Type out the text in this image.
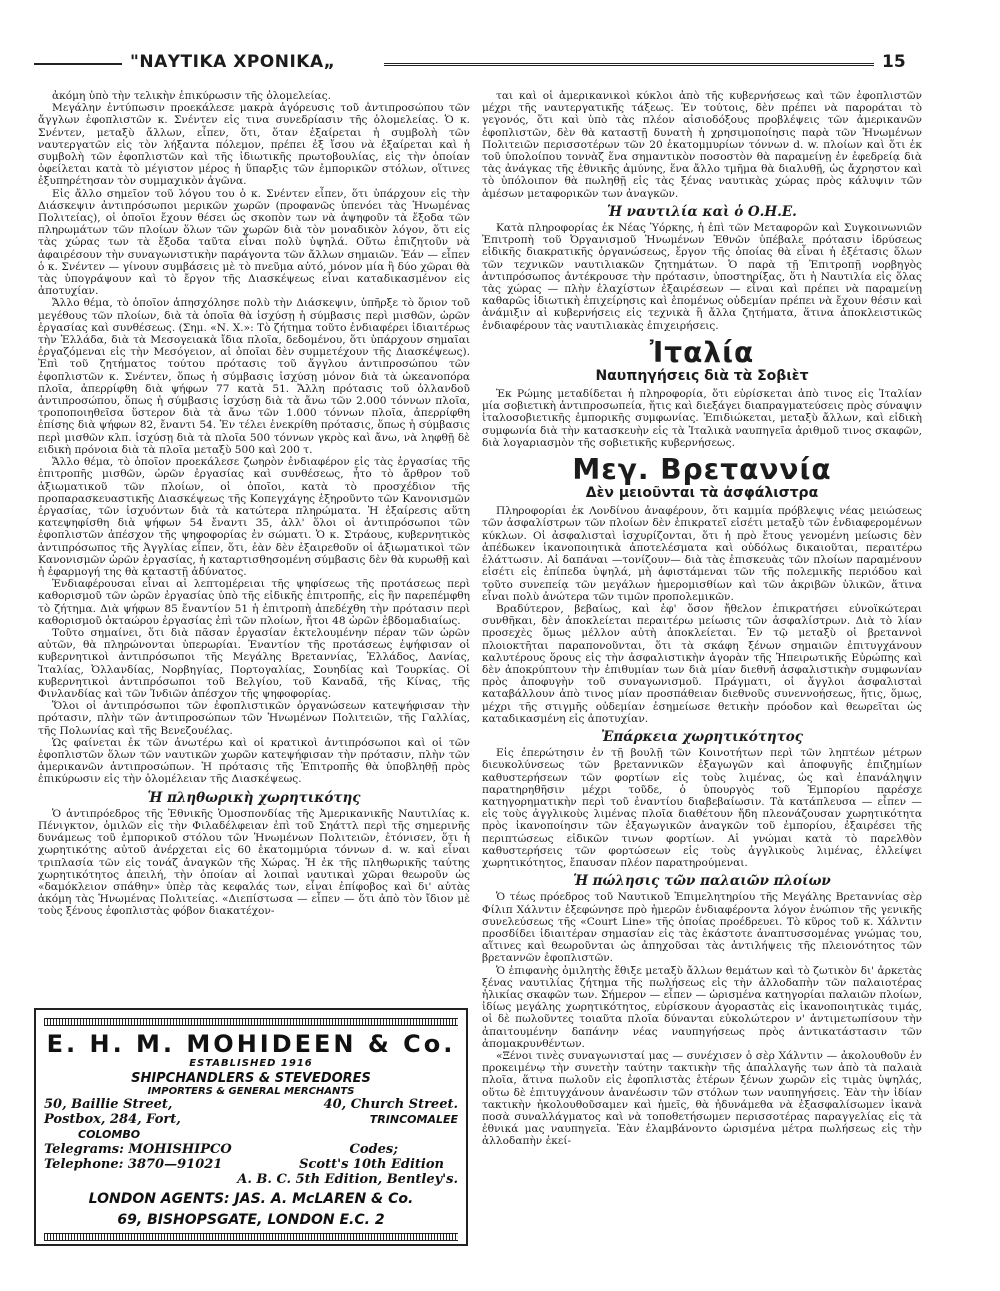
"ΝΑΥΤΙΚΑ ΧΡΟΝΙΚΑ„	15

ἀκόμη ὑπὸ τὴν τελικὴν ἐπικύρωσιν τῆς ὁλομελείας.

Μεγάλην ἐντύπωσιν προεκάλεσε μακρὰ ἀγόρευσις τοῦ ἀντιπροσώπου τῶν ἄγγλων ἐφοπλιστῶν κ. Σνέντεν εἰς τινα συνεδρίασιν τῆς ὁλομελείας. Ὁ κ. Σνέντεν, μεταξὺ ἄλλων, εἶπεν, ὅτι, ὅταν ἐξαίρεται ἡ συμβολὴ τῶν ναυτεργατῶν εἰς τὸν λήξαντα πόλεμον, πρέπει ἐξ ἴσου νὰ ἐξαίρεται καὶ ἡ συμβολὴ τῶν ἐφοπλιστῶν καὶ τῆς ἰδιωτικῆς πρωτοβουλίας, εἰς τὴν ὁποίαν ὀφείλεται κατὰ τὸ μέγιστον μέρος ἡ ὕπαρξις τῶν ἐμπορικῶν στόλων, οἵτινες ἐξυπηρέτησαν τὸν συμμαχικὸν ἀγῶνα.

Εἰς ἄλλο σημεῖον τοῦ λόγου του ὁ κ. Σνέντεν εἶπεν, ὅτι ὑπάρχουν εἰς τὴν Διάσκεψιν ἀντιπρόσωποι μερικῶν χωρῶν (προφανῶς ὑπενόει τὰς Ἡνωμένας Πολιτείας), οἱ ὁποῖοι ἔχουν θέσει ὡς σκοπὸν των νὰ ἀψηφοῦν τὰ ἔξοδα τῶν πληρωμάτων τῶν πλοίων ὅλων τῶν χωρῶν διὰ τὸν μοναδικὸν λόγον, ὅτι εἰς τὰς χώρας των τὰ ἔξοδα ταῦτα εἶναι πολὺ ὑψηλά. Οὕτω ἐπιζητοῦν νὰ ἀφαιρέσουν τὴν συναγωνιστικὴν παράγοντα τῶν ἄλλων σημαιῶν. Ἐάν — εἶπεν ὁ κ. Σνέντεν — γίνουν συμβάσεις μὲ τὸ πνεῦμα αὐτό, μόνον μία ἢ δύο χῶραι θὰ τὰς ὑπογράψουν καὶ τὸ ἔργον τῆς Διασκέψεως εἶναι καταδικασμένον εἰς ἀποτυχίαν.

Ἄλλο θέμα, τὸ ὁποῖον ἀπησχόλησε πολὺ τὴν Διάσκεψιν, ὑπῆρξε τὸ ὅριον τοῦ μεγέθους τῶν πλοίων, διὰ τὰ ὁποῖα θὰ ἰσχύσῃ ἡ σύμβασις περὶ μισθῶν, ὡρῶν ἐργασίας καὶ συνθέσεως. (Σημ. «Ν. Χ.»: Τὸ ζήτημα τοῦτο ἐνδιαφέρει ἰδιαιτέρως τὴν Ἑλλάδα, διὰ τὰ Μεσογειακὰ ἴδια πλοῖα, δεδομένου, ὅτι ὑπάρχουν σημαῖαι ἐργαζόμεναι εἰς τὴν Μεσόγειον, αἱ ὁποῖαι δὲν συμμετέχουν τῆς Διασκέψεως). Ἐπὶ τοῦ ζητήματος τούτου πρότασις τοῦ ἄγγλου ἀντιπροσώπου τῶν ἐφοπλιστῶν κ. Σνέντεν, ὅπως ἡ σύμβασις ἰσχύσῃ μόνον διὰ τὰ ὠκεανοπόρα πλοῖα, ἀπερρίφθη διὰ ψήφων 77 κατὰ 51. Ἄλλη πρότασις τοῦ ὀλλανδοῦ ἀντιπροσώπου, ὅπως ἡ σύμβασις ἰσχύσῃ διὰ τὰ ἄνω τῶν 2.000 τόννων πλοῖα, τροποποιηθεῖσα ὕστερον διὰ τὰ ἄνω τῶν 1.000 τόννων πλοῖα, ἀπερρίφθη ἐπίσης διὰ ψήφων 82, ἔναντι 54. Ἐν τέλει ἐνεκρίθη πρότασις, ὅπως ἡ σύμβασις περὶ μισθῶν κλπ. ἰσχύσῃ διὰ τὰ πλοῖα 500 τόννων γκρὸς καὶ ἄνω, νὰ ληφθῇ δὲ ειδικὴ πρόνοια διὰ τὰ πλοῖα μεταξὺ 500 καὶ 200 τ.

Ἄλλο θέμα, τὸ ὁποῖον προεκάλεσε ζωηρὸν ἐνδιαφέρον εἰς τὰς ἐργασίας τῆς ἐπιτροπῆς μισθῶν, ὡρῶν ἐργασίας καὶ συνθέσεως, ἦτο τὸ ἄρθρον τοῦ ἀξιωματικοῦ τῶν πλοίων, οἱ ὁποῖοι, κατὰ τὸ προσχέδιον τῆς προπαρασκευαστικῆς Διασκέψεως τῆς Κοπεγχάγης ἐξηροῦντο τῶν Κανονισμῶν ἐργασίας, τῶν ἰσχυόντων διὰ τὰ κατώτερα πληρώματα. Ἡ ἐξαίρεσις αὕτη κατεψηφίσθη διὰ ψήφων 54 ἔναντι 35, ἀλλ' ὅλοι οἱ ἀντιπρόσωποι τῶν ἐφοπλιστῶν ἀπέσχον τῆς ψηφοφορίας ἐν σώματι. Ὁ κ. Στράους, κυβερνητικὸς ἀντιπρόσωπος τῆς Ἀγγλίας εἶπεν, ὅτι, ἐὰν δὲν ἐξαιρεθοῦν οἱ ἀξιωματικοὶ τῶν Κανονισμῶν ὡρῶν ἐργασίας, ἡ καταρτισθησομένη σύμβασις δὲν θὰ κυρωθῇ καὶ ἡ ἐφαρμογή της θὰ καταστῇ ἀδύνατος.

Ἐνδιαφέρουσαι εἶναι αἱ λεπτομέρειαι τῆς ψηφίσεως τῆς προτάσεως περὶ καθορισμοῦ τῶν ὡρῶν ἐργασίας ὑπὸ τῆς εἰδικῆς ἐπιτροπῆς, εἰς ἣν παρεπέμφθη τὸ ζήτημα. Διὰ ψήφων 85 ἔναντίον 51 ἡ ἐπιτροπὴ ἀπεδέχθη τὴν πρότασιν περὶ καθορισμοῦ ὀκταώρου ἐργασίας ἐπὶ τῶν πλοίων, ἤτοι 48 ὡρῶν ἑβδομαδιαίως.

Τοῦτο σημαίνει, ὅτι διὰ πᾶσαν ἐργασίαν ἐκτελουμένην πέραν τῶν ὡρῶν αὐτῶν, θὰ πληρώνονται ὑπερωρίαι. Ἐναντίον τῆς προτάσεως ἐψήφισαν οἱ κυβερνητικοὶ ἀντιπρόσωποι τῆς Μεγάλης Βρεταννίας, Ἑλλάδος, Δανίας, Ἰταλίας, Ὀλλανδίας, Νορβηγίας, Πορτογαλίας, Σουηδίας καὶ Τουρκίας. Οἱ κυβερνητικοὶ ἀντιπρόσωποι τοῦ Βελγίου, τοῦ Καναδᾶ, τῆς Κίνας, τῆς Φινλανδίας καὶ τῶν Ἰνδιῶν ἀπέσχον τῆς ψηφοφορίας.

Ὅλοι οἱ ἀντιπρόσωποι τῶν ἐφοπλιστικῶν ὀργανώσεων κατεψήφισαν τὴν πρότασιν, πλὴν τῶν ἀντιπροσώπων τῶν Ἡνωμένων Πολιτειῶν, τῆς Γαλλίας, τῆς Πολωνίας καὶ τῆς Βενεζουέλας.

Ὡς φαίνεται ἐκ τῶν ἀνωτέρω καὶ οἱ κρατικοὶ ἀντιπρόσωποι καὶ οἱ τῶν ἐφοπλιστῶν ὅλων τῶν ναυτικῶν χωρῶν κατεψήφισαν τὴν πρότασιν, πλὴν τῶν ἀμερικανῶν ἀντιπροσώπων. Ἡ πρότασις τῆς Ἐπιτροπῆς θὰ ὑποβληθῇ πρὸς ἐπικύρωσιν εἰς τὴν ὁλομέλειαν τῆς Διασκέψεως.

Ἡ πληθωρικὴ χωρητικότης

Ὁ ἀντιπρόεδρος τῆς Ἐθνικῆς Ὁμοσπονδίας τῆς Ἀμερικανικῆς Ναυτιλίας κ. Πένιγκτον, ὁμιλῶν εἰς τὴν Φιλαδέλφειαν ἐπὶ τοῦ Σηάττλ περὶ τῆς σημερινῆς δυνάμεως τοῦ ἐμπορικοῦ στόλου τῶν Ἡνωμένων Πολιτειῶν, ἐτόνισεν, ὅτι ἡ χωρητικότης αὐτοῦ ἀνέρχεται εἰς 60 ἑκατομμύρια τόννων d. w. καὶ εἶναι τριπλασία τῶν εἰς τονάζ ἀναγκῶν τῆς Χώρας. Ἡ ἐκ τῆς πληθωρικῆς ταύτης χωρητικότητος ἀπειλή, τὴν ὁποίαν αἱ λοιπαὶ ναυτικαὶ χῶραι θεωροῦν ὡς «δαμόκλειον σπάθην» ὑπὲρ τὰς κεφαλάς των, εἶναι ἐπίφοβος καὶ δι' αὐτὰς ἀκόμη τὰς Ἡνωμένας Πολιτείας. «Διεπίστωσα — εἶπεν — ὅτι ἀπὸ τὸν ἴδιον μὲ τοὺς ξένους ἐφοπλιστὰς φόβον διακατέχον-

E. H. M. MOHIDEEN & Co.
ESTABLISHED 1916
SHIPCHANDLERS & STEVEDORES
IMPORTERS & GENERAL MERCHANTS
50, Baillie Street,	40, Church Street.
Postbox, 284, Fort,	TRINCOMALEE
COLOMBO
Telegrams: MOHISHIPCO	Codes;
Telephone: 3870—91021	Scott's 10th Edition
A. B. C. 5th Edition, Bentley's.
LONDON AGENTS: JAS. A. McLAREN & Co.
69, BISHOPSGATE, LONDON E.C. 2

ται καὶ οἱ ἀμερικανικοὶ κύκλοι ἀπὸ τῆς κυβερνήσεως καὶ τῶν ἐφοπλιστῶν μέχρι τῆς ναυτεργατικῆς τάξεως. Ἐν τούτοις, δὲν πρέπει νὰ παροράται τὸ γεγονός, ὅτι καὶ ὑπὸ τὰς πλέον αἰσιοδόξους προβλέψεις τῶν ἀμερικανῶν ἐφοπλιστῶν, δὲν θὰ καταστῇ δυνατὴ ἡ χρησιμοποίησις παρὰ τῶν Ἡνωμένων Πολιτειῶν περισσοτέρων τῶν 20 ἑκατομμυρίων τόννων d. w. πλοίων καὶ ὅτι ἐκ τοῦ ὑπολοίπου τοννὰζ ἕνα σημαντικὸν ποσοστὸν θὰ παραμείνῃ ἐν ἐφεδρείᾳ διὰ τὰς ἀνάγκας τῆς ἐθνικῆς ἀμύνης, ἕνα ἄλλο τμῆμα θὰ διαλυθῇ, ὡς ἄχρηστον καὶ τὸ ὑπόλοιπον θὰ πωληθῇ εἰς τὰς ξένας ναυτικὰς χώρας πρὸς κάλυψιν τῶν ἀμέσων μεταφορικῶν των ἀναγκῶν.

Ἡ ναυτιλία καὶ ὁ Ο.Η.Ε.

Κατὰ πληροφορίας ἐκ Νέας Ὑόρκης, ἡ ἐπὶ τῶν Μεταφορῶν καὶ Συγκοινωνιῶν Ἐπιτροπὴ τοῦ Ὀργανισμοῦ Ἡνωμένων Ἐθνῶν ὑπέβαλε πρότασιν ἱδρύσεως εἰδικῆς διακρατικῆς ὀργανώσεως, ἔργον τῆς ὁποίας θὰ εἶναι ἡ ἐξέτασις ὅλων τῶν τεχνικῶν ναυτιλιακῶν ζητημάτων. Ὁ παρὰ τῇ Ἐπιτροπῇ νορβηγὸς ἀντιπρόσωπος ἀντέκρουσε τὴν πρότασιν, ὑποστηρίξας, ὅτι ἡ Ναυτιλία εἰς ὅλας τὰς χώρας — πλὴν ἐλαχίστων ἐξαιρέσεων — εἶναι καὶ πρέπει νὰ παραμείνῃ καθαρῶς ἰδιωτικὴ ἐπιχείρησις καὶ ἑπομένως οὐδεμίαν πρέπει νὰ ἔχουν θέσιν καὶ ἀνάμιξιν αἱ κυβερνήσεις εἰς τεχνικὰ ἢ ἄλλα ζητήματα, ἅτινα ἀποκλειστικῶς ἐνδιαφέρουν τὰς ναυτιλιακὰς ἐπιχειρήσεις.

Ἰταλία
Ναυπηγήσεις διὰ τὰ Σοβιὲτ

Ἐκ Ρώμης μεταδίδεται ἡ πληροφορία, ὅτι εὑρίσκεται ἀπὸ τινος εἰς Ἰταλίαν μία σοβιετικὴ ἀντιπροσωπεία, ἥτις καὶ διεξάγει διαπραγματεύσεις πρὸς σύναψιν ἰταλοσοβιετικῆς ἐμπορικῆς συμφωνίας. Ἐπιδιώκεται, μεταξὺ ἄλλων, καὶ εἰδικὴ συμφωνία διὰ τὴν κατασκευὴν εἰς τὰ Ἰταλικὰ ναυπηγεῖα ἀριθμοῦ τινος σκαφῶν, διὰ λογαριασμὸν τῆς σοβιετικῆς κυβερνήσεως.

Μεγ. Βρεταννία
Δὲν μειοῦνται τὰ ἀσφάλιστρα

Πληροφορίαι ἐκ Λονδίνου ἀναφέρουν, ὅτι καμμία πρόβλεψις νέας μειώσεως τῶν ἀσφαλίστρων τῶν πλοίων δὲν ἐπικρατεῖ εἰσέτι μεταξὺ τῶν ἐνδιαφερομένων κύκλων. Οἱ ἀσφαλισταὶ ἰσχυρίζονται, ὅτι ἡ πρὸ ἔτους γενομένη μείωσις δὲν ἀπέδωκεν ἱκανοποιητικὰ ἀποτελέσματα καὶ οὐδόλως δικαιοῦται, περαιτέρω ἐλάττωσιν. Αἱ δαπάναι —τονίζουν— διὰ τὰς ἐπισκευὰς τῶν πλοίων παραμένουν εἰσέτι εἰς ἐπίπεδα ὑψηλά, μὴ ἀφιστάμεναι τῶν τῆς πολεμικῆς περιόδου καὶ τοῦτο συνεπείᾳ τῶν μεγάλων ἡμερομισθίων καὶ τῶν ἀκριβῶν ὑλικῶν, ἅτινα εἶναι πολὺ ἀνώτερα τῶν τιμῶν προπολεμικῶν.

Βραδύτερον, βεβαίως, καὶ ἐφ' ὅσον ἤθελον ἐπικρατήσει εὐνοϊκώτεραι συνθῆκαι, δὲν ἀποκλείεται περαιτέρω μείωσις τῶν ἀσφαλίστρων. Διὰ τὸ λίαν προσεχὲς ὅμως μέλλον αὐτὴ ἀποκλείεται. Ἐν τῷ μεταξὺ οἱ βρεταννοὶ πλοιοκτῆται παραπονοῦνται, ὅτι τὰ σκάφη ξένων σημαιῶν ἐπιτυγχάνουν καλυτέρους ὅρους εἰς τὴν ἀσφαλιστικὴν ἀγορὰν τῆς Ἠπειρωτικῆς Εὐρώπης καὶ δὲν ἀποκρύπτουν τὴν ἐπιθυμίαν των διὰ μίαν διεθνῆ ἀσφαλιστικὴν συμφωνίαν πρὸς ἀποφυγὴν τοῦ συναγωνισμοῦ. Πράγματι, οἱ ἄγγλοι ἀσφαλισταὶ καταβάλλουν ἀπὸ τινος μίαν προσπάθειαν διεθνοῦς συνεννοήσεως, ἥτις, ὅμως, μέχρι τῆς στιγμῆς οὐδεμίαν ἐσημείωσε θετικὴν πρόοδον καὶ θεωρεῖται ὡς καταδικασμένη εἰς ἀποτυχίαν.

Ἐπάρκεια χωρητικότητος

Εἰς ἐπερώτησιν ἐν τῇ βουλῇ τῶν Κοινοτήτων περὶ τῶν ληπτέων μέτρων διευκολύνσεως τῶν βρεταννικῶν ἐξαγωγῶν καὶ ἀποφυγῆς ἐπιζημίων καθυστερήσεων τῶν φορτίων εἰς τοὺς λιμένας, ὡς καὶ ἐπανάληψιν παρατηρηθῆσιν μέχρι τοῦδε, ὁ ὑπουργὸς τοῦ Ἐμπορίου παρέσχε κατηγορηματικὴν περὶ τοῦ ἐναντίου διαβεβαίωσιν. Τὰ κατάπλευσα — εἶπεν — εἰς τοὺς ἀγγλικοὺς λιμένας πλοῖα διαθέτουν ἤδη πλεονάζουσαν χωρητικότητα πρὸς ἱκανοποίησιν τῶν ἐξαγωγικῶν ἀναγκῶν τοῦ ἐμπορίου, ἐξαιρέσει τῆς περιπτώσεως εἰδικῶν τινων φορτίων. Αἱ γνώμαι κατὰ τὸ παρελθὸν καθυστερήσεις τῶν φορτώσεων εἰς τοὺς ἀγγλικοὺς λιμένας, ἐλλείψει χωρητικότητος, ἔπαυσαν πλέον παρατηρούμεναι.

Ἡ πώλησις τῶν παλαιῶν πλοίων

Ὁ τέως πρόεδρος τοῦ Ναυτικοῦ Ἐπιμελητηρίου τῆς Μεγάλης Βρεταννίας σὲρ Φίλιπ Χάλντιν ἐξεφώνησε πρὸ ἡμερῶν ἐνδιαφέροντα λόγον ἐνώπιον τῆς γενικῆς συνελεύσεως τῆς «Court Line» τῆς ὁποίας προέδρευει. Τὸ κῦρος τοῦ κ. Χάλντιν προσδίδει ἰδιαιτέραν σημασίαν εἰς τὰς ἑκάστοτε ἀναπτυσσομένας γνώμας του, αἵτινες καὶ θεωροῦνται ὡς ἀπηχοῦσαι τὰς ἀντιλήψεις τῆς πλειονότητος τῶν βρεταννῶν ἐφοπλιστῶν.

Ὁ ἐπιφανὴς ὁμιλητὴς ἔθιξε μεταξὺ ἄλλων θεμάτων καὶ τὸ ζωτικὸν δι' ἀρκετὰς ξένας ναυτιλίας ζήτημα τῆς πωλήσεως εἰς τὴν ἀλλοδαπὴν τῶν παλαιοτέρας ἡλικίας σκαφῶν των. Σήμερον — εἶπεν — ὡρισμένα κατηγορίαι παλαιῶν πλοίων, ἰδίως μεγάλης χωρητικότητος, εὑρίσκουν ἀγοραστὰς εἰς ἱκανοποιητικὰς τιμάς, οἱ δὲ πωλοῦντες τοιαῦτα πλοῖα δύνανται εὐκολώτερον ν' ἀντιμετωπίσουν τὴν ἀπαιτουμένην δαπάνην νέας ναυπηγήσεως πρὸς ἀντικατάστασιν τῶν ἀπομακρυνθέντων.

«Ξένοι τινὲς συναγωνισταί μας — συνέχισεν ὁ σὲρ Χάλντιν — ἀκολουθοῦν ἐν προκειμένῳ τὴν συνετὴν ταύτην τακτικὴν τῆς ἀπαλλαγῆς των ἀπὸ τὰ παλαιὰ πλοῖα, ἅτινα πωλοῦν εἰς ἐφοπλιστὰς ἑτέρων ξένων χωρῶν εἰς τιμὰς ὑψηλάς, οὕτω δὲ ἐπιτυγχάνουν ἀνανέωσιν τῶν στόλων των ναυπηγήσεις. Ἐὰν τὴν ἰδίαν τακτικὴν ἠκολουθοῦσαμεν καὶ ἡμεῖς, θὰ ἠδυνάμεθα νὰ ἐξασφαλίσωμεν ἱκανὰ ποσὰ συναλλάγματος καὶ νὰ τοποθετήσωμεν περισσοτέρας παραγγελίας εἰς τὰ ἐθνικά μας ναυπηγεῖα. Ἐὰν ἐλαμβάνοντο ὡρισμένα μέτρα πωλήσεως εἰς τὴν ἀλλοδαπὴν ἐκεί-
